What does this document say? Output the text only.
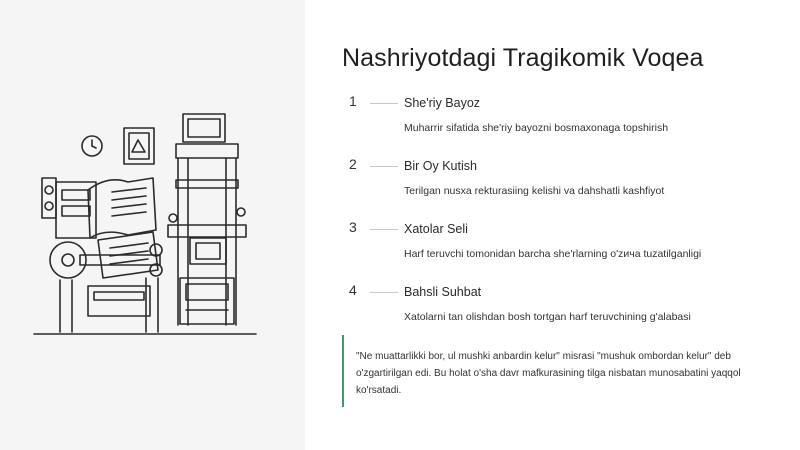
Nashriyotdagi Tragikomik Voqea
1	She'riy Bayoz
Muharrir sifatida she'riy bayozni bosmaxonaga topshirish
2	Bir Oy Kutish
Terilgan nusxa rekturasiing kelishi va dahshatli kashfiyot
3	Xatolar Seli
Harf teruvchi tomonidan barcha she'rlarning o'zича tuzatilganligi
4	Bahsli Suhbat
Xatolarni tan olishdan bosh tortgan harf teruvchining g'alabasi
"Ne muattarlikki bor, ul mushki anbardin kelur" misrasi "mushuk ombordan kelur" deb o'zgartirilgan edi. Bu holat o'sha davr mafkurasining tilga nisbatan munosabatini yaqqol ko'rsatadi.
